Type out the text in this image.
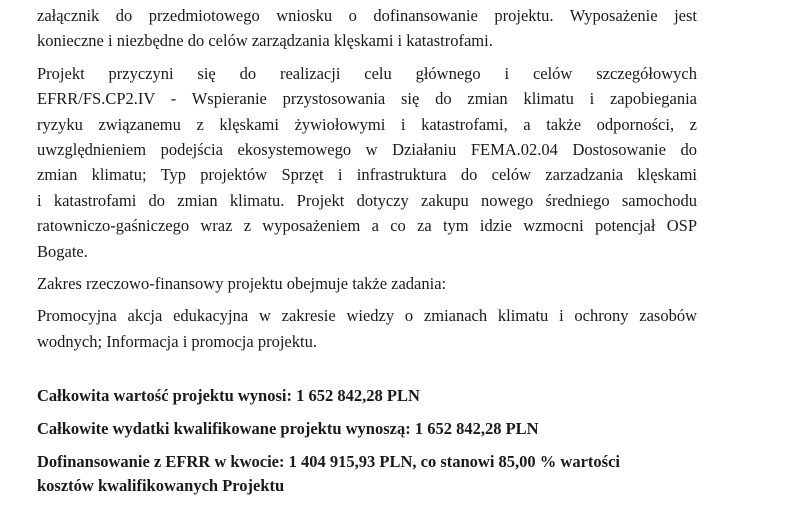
załącznik do przedmiotowego wniosku o dofinansowanie projektu. Wyposażenie jest
konieczne i niezbędne do celów zarządzania klęskami i katastrofami.
Projekt przyczyni się do realizacji celu głównego i celów szczegółowych
EFRR/FS.CP2.IV - Wspieranie przystosowania się do zmian klimatu i zapobiegania
ryzyku związanemu z klęskami żywiołowymi i katastrofami, a także odporności, z
uwzględnieniem podejścia ekosystemowego w Działaniu FEMA.02.04 Dostosowanie do
zmian klimatu; Typ projektów Sprzęt i infrastruktura do celów zarzadzania klęskami
i katastrofami do zmian klimatu. Projekt dotyczy zakupu nowego średniego samochodu
ratowniczo-gaśniczego wraz z wyposażeniem a co za tym idzie wzmocni potencjał OSP
Bogate.
Zakres rzeczowo-finansowy projektu obejmuje także zadania:
Promocyjna akcja edukacyjna w zakresie wiedzy o zmianach klimatu i ochrony zasobów
wodnych; Informacja i promocja projektu.
Całkowita wartość projektu wynosi: 1 652 842,28 PLN
Całkowite wydatki kwalifikowane projektu wynoszą: 1 652 842,28 PLN
Dofinansowanie z EFRR w kwocie: 1 404 915,93 PLN, co stanowi 85,00 % wartości
kosztów kwalifikowanych Projektu
